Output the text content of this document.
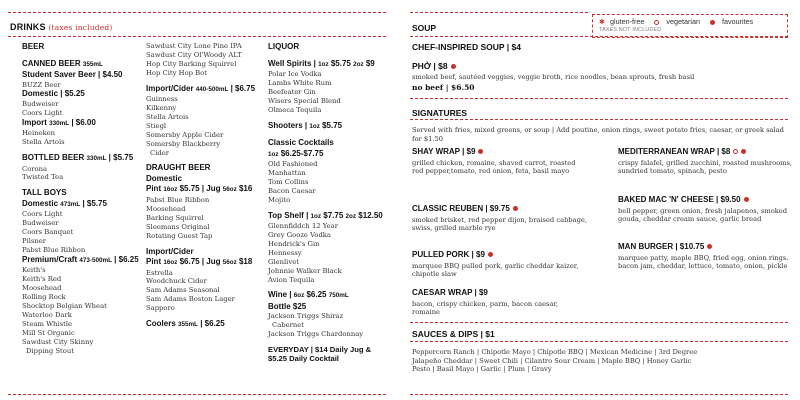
✱ gluten-free	vegetarian	favourites
TAXES NOT INCLUDED
DRINKS (taxes included)
BEER
CANNED BEER 355mL
Student Saver Beer | $4.50
BUZZ Beer
Domestic | $5.25
Budweiser
Coors Light
Import 330mL | $6.00
Heineken
Stella Artois
BOTTLED BEER 330mL | $5.75
Corona
Twisted Tea
TALL BOYS
Domestic 473mL | $5.75
Coors Light
Budweiser
Coors Banquet
Pilsner
Pabst Blue Ribbon
Premium/Craft 473-500mL | $6.25
Keith's
Keith's Red
Moosehead
Rolling Rock
Shocktop Belgian Wheat
Waterloo Dark
Steam Whistle
Mill St Organic
Sawdust City Skinny
Dipping Stout
Sawdust City Lone Pine IPA
Sawdust City Ol'Woody ALT
Hop City Barking Squirrel
Hop City Hop Bot
Import/Cider 440-500mL | $6.75
Guinness
Kilkenny
Stella Artois
Stiegl
Somersby Apple Cider
Somersby Blackberry
Cider
DRAUGHT BEER
Domestic
Pint 16oz $5.75 | Jug 56oz $16
Pabst Blue Ribbon
Moosehead
Barking Squirrel
Sleemans Original
Rotating Guest Tap
Import/Cider
Pint 16oz $6.75 | Jug 56oz $18
Estrella
Woodchuck Cider
Sam Adams Seasonal
Sam Adams Boston Lager
Sapporo
Coolers 355mL | $6.25
LIQUOR
Well Spirits | 1oz $5.75 2oz $9
Polar Ice Vodka
Lambs White Rum
Beefeater Gin
Wisers Special Blend
Olmeca Tequila
Shooters | 1oz $5.75
Classic Cocktails
1oz $6.25-$7.75
Old Fashioned
Manhattan
Tom Collins
Bacon Caesar
Mojito
Top Shelf | 1oz $7.75 2oz $12.50
Glennfiddch 12 Year
Grey Gooze Vodka
Hendrick's Gin
Hennessy
Glenlivet
Johnnie Walker Black
Avion Tequila
Wine | 6oz $6.25 750mL
Bottle $25
Jackson Triggs Shiraz
Cabernet
Jackson Triggs Chardonnay
EVERYDAY | $14 Daily Jug &
$5.25 Daily Cocktail
SOUP
CHEF-INSPIRED SOUP | $4
PHỞ | $8
smoked beef, sautéed veggies, veggie broth, rice noodles, bean sprouts, fresh basil
no beef | $6.50
SIGNATURES
Served with fries, mixed greens, or soup | Add poutine, onion rings, sweet potato fries, caesar, or greek salad for $1.50
SHAY WRAP | $9
grilled chicken, romaine, shaved carrot, roasted red pepper,tomato, red onion, feta, basil mayo
CLASSIC REUBEN | $9.75
smoked brisket, red pepper dijon, braised cabbage, swiss, grilled marble rye
PULLED PORK | $9
marquee BBQ pulled pork, garlic cheddar kaizer, chipotle slaw
CAESAR WRAP | $9
bacon, crispy chicken, parm, bacon caesar, romaine
MEDITERRANEAN WRAP | $8
crispy falafel, grilled zucchini, roasted mushrooms, sundried tomato, spinach, pesto
BAKED MAC 'N' CHEESE | $9.50
bell pepper, green onion, fresh jalapenos, smoked gouda, cheddar cream sauce, garlic bread
MAN BURGER | $10.75
marquee patty, maple BBQ, fried egg, onion rings. bacon jam, cheddar, lettuce, tomato, onion, pickle
SAUCES & DIPS | $1
Peppercorn Ranch | Chipotle Mayo | Chipotle BBQ | Mexican Medicine | 3rd Degree
Jalapeño Cheddar | Sweet Chili | Cilantro Sour Cream | Maple BBQ | Honey Garlic
Pesto | Basil Mayo | Garlic | Plum | Gravy
